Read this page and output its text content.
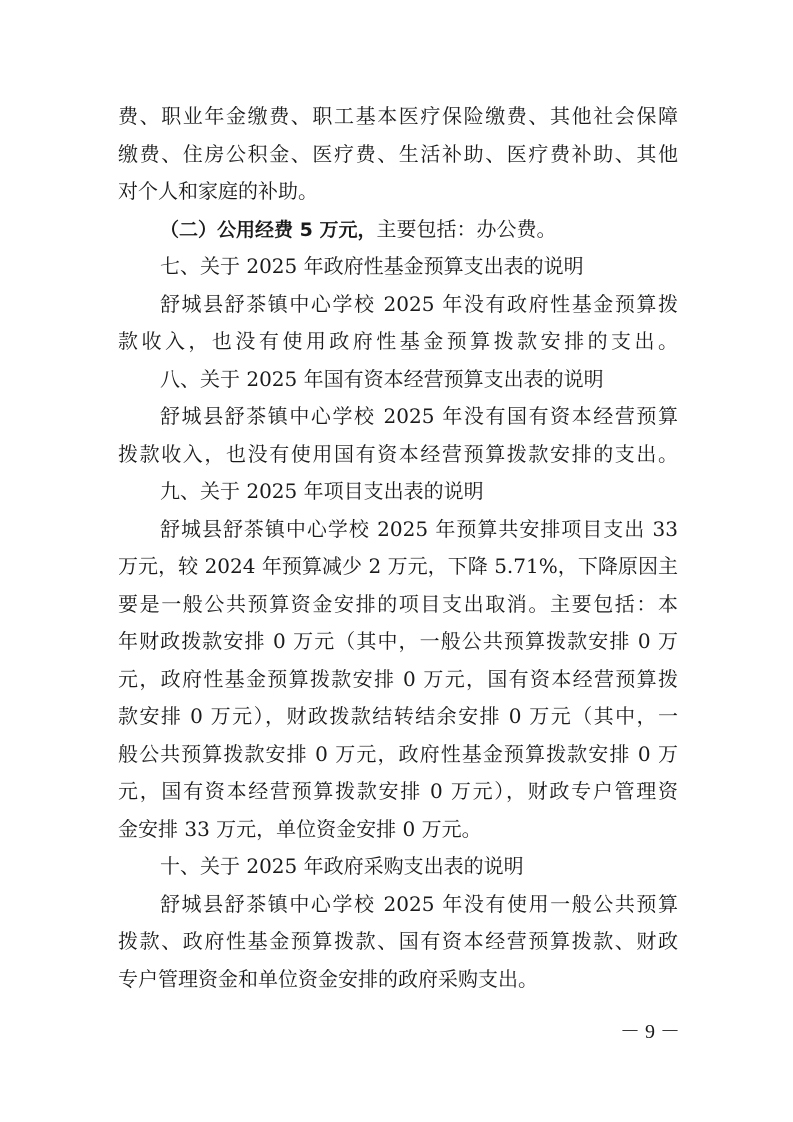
费、职业年金缴费、职工基本医疗保险缴费、其他社会保障
缴费、住房公积金、医疗费、生活补助、医疗费补助、其他
对个人和家庭的补助。
（二）公用经费 5 万元，主要包括：办公费。
七、关于 2025 年政府性基金预算支出表的说明
舒城县舒茶镇中心学校 2025 年没有政府性基金预算拨
款收入，也没有使用政府性基金预算拨款安排的支出。
八、关于 2025 年国有资本经营预算支出表的说明
舒城县舒茶镇中心学校 2025 年没有国有资本经营预算
拨款收入，也没有使用国有资本经营预算拨款安排的支出。
九、关于 2025 年项目支出表的说明
舒城县舒茶镇中心学校 2025 年预算共安排项目支出 33
万元，较 2024 年预算减少 2 万元，下降 5.71%，下降原因主
要是一般公共预算资金安排的项目支出取消。主要包括：本
年财政拨款安排 0 万元（其中，一般公共预算拨款安排 0 万
元，政府性基金预算拨款安排 0 万元，国有资本经营预算拨
款安排 0 万元），财政拨款结转结余安排 0 万元（其中，一
般公共预算拨款安排 0 万元，政府性基金预算拨款安排 0 万
元，国有资本经营预算拨款安排 0 万元），财政专户管理资
金安排 33 万元，单位资金安排 0 万元。
十、关于 2025 年政府采购支出表的说明
舒城县舒茶镇中心学校 2025 年没有使用一般公共预算
拨款、政府性基金预算拨款、国有资本经营预算拨款、财政
专户管理资金和单位资金安排的政府采购支出。
－ 9 －
